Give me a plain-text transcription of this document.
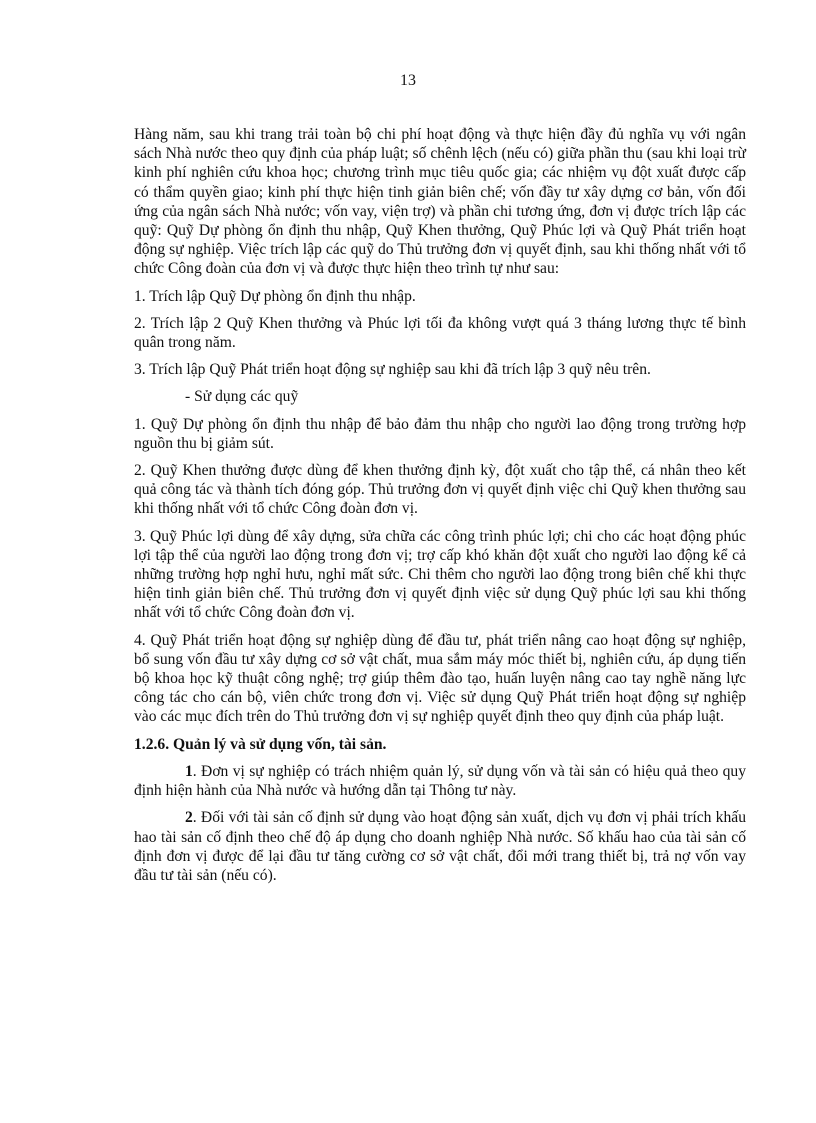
13

Hàng năm, sau khi trang trải toàn bộ chi phí hoạt động và thực hiện đầy đủ nghĩa vụ với ngân sách Nhà nước theo quy định của pháp luật; số chênh lệch (nếu có) giữa phần thu (sau khi loại trừ kinh phí nghiên cứu khoa học; chương trình mục tiêu quốc gia; các nhiệm vụ đột xuất được cấp có thẩm quyền giao; kinh phí thực hiện tinh giản biên chế; vốn đầy tư xây dựng cơ bản, vốn đối ứng của ngân sách Nhà nước; vốn vay, viện trợ) và phần chi tương ứng, đơn vị được trích lập các quỹ: Quỹ Dự phòng ổn định thu nhập, Quỹ Khen thưởng, Quỹ Phúc lợi và Quỹ Phát triển hoạt động sự nghiệp. Việc trích lập các quỹ do Thủ trưởng đơn vị quyết định, sau khi thống nhất với tổ chức Công đoàn của đơn vị và được thực hiện theo trình tự như sau:

1. Trích lập Quỹ Dự phòng ổn định thu nhập.

2. Trích lập 2 Quỹ Khen thưởng và Phúc lợi tối đa không vượt quá 3 tháng lương thực tế bình quân trong năm.

3. Trích lập Quỹ Phát triển hoạt động sự nghiệp sau khi đã trích lập 3 quỹ nêu trên.

- Sử dụng các quỹ

1. Quỹ Dự phòng ổn định thu nhập để bảo đảm thu nhập cho người lao động trong trường hợp nguồn thu bị giảm sút.

2. Quỹ Khen thưởng được dùng để khen thưởng định kỳ, đột xuất cho tập thể, cá nhân theo kết quả công tác và thành tích đóng góp. Thủ trưởng đơn vị quyết định việc chi Quỹ khen thưởng sau khi thống nhất với tổ chức Công đoàn đơn vị.

3. Quỹ Phúc lợi dùng để xây dựng, sửa chữa các công trình phúc lợi; chi cho các hoạt động phúc lợi tập thể của người lao động trong đơn vị; trợ cấp khó khăn đột xuất cho người lao động kể cả những trường hợp nghỉ hưu, nghỉ mất sức. Chi thêm cho người lao động trong biên chế khi thực hiện tinh giản biên chế. Thủ trưởng đơn vị quyết định việc sử dụng Quỹ phúc lợi sau khi thống nhất với tổ chức Công đoàn đơn vị.

4. Quỹ Phát triển hoạt động sự nghiệp dùng để đầu tư, phát triển nâng cao hoạt động sự nghiệp, bổ sung vốn đầu tư xây dựng cơ sở vật chất, mua sắm máy móc thiết bị, nghiên cứu, áp dụng tiến bộ khoa học kỹ thuật công nghệ; trợ giúp thêm đào tạo, huấn luyện nâng cao tay nghề năng lực công tác cho cán bộ, viên chức trong đơn vị. Việc sử dụng Quỹ Phát triển hoạt động sự nghiệp vào các mục đích trên do Thủ trưởng đơn vị sự nghiệp quyết định theo quy định của pháp luật.

1.2.6. Quản lý và sử dụng vốn, tài sản.

1. Đơn vị sự nghiệp có trách nhiệm quản lý, sử dụng vốn và tài sản có hiệu quả theo quy định hiện hành của Nhà nước và hướng dẫn tại Thông tư này.

2. Đối với tài sản cố định sử dụng vào hoạt động sản xuất, dịch vụ đơn vị phải trích khấu hao tài sản cố định theo chế độ áp dụng cho doanh nghiệp Nhà nước. Số khấu hao của tài sản cố định đơn vị được để lại đầu tư tăng cường cơ sở vật chất, đổi mới trang thiết bị, trả nợ vốn vay đầu tư tài sản (nếu có).
